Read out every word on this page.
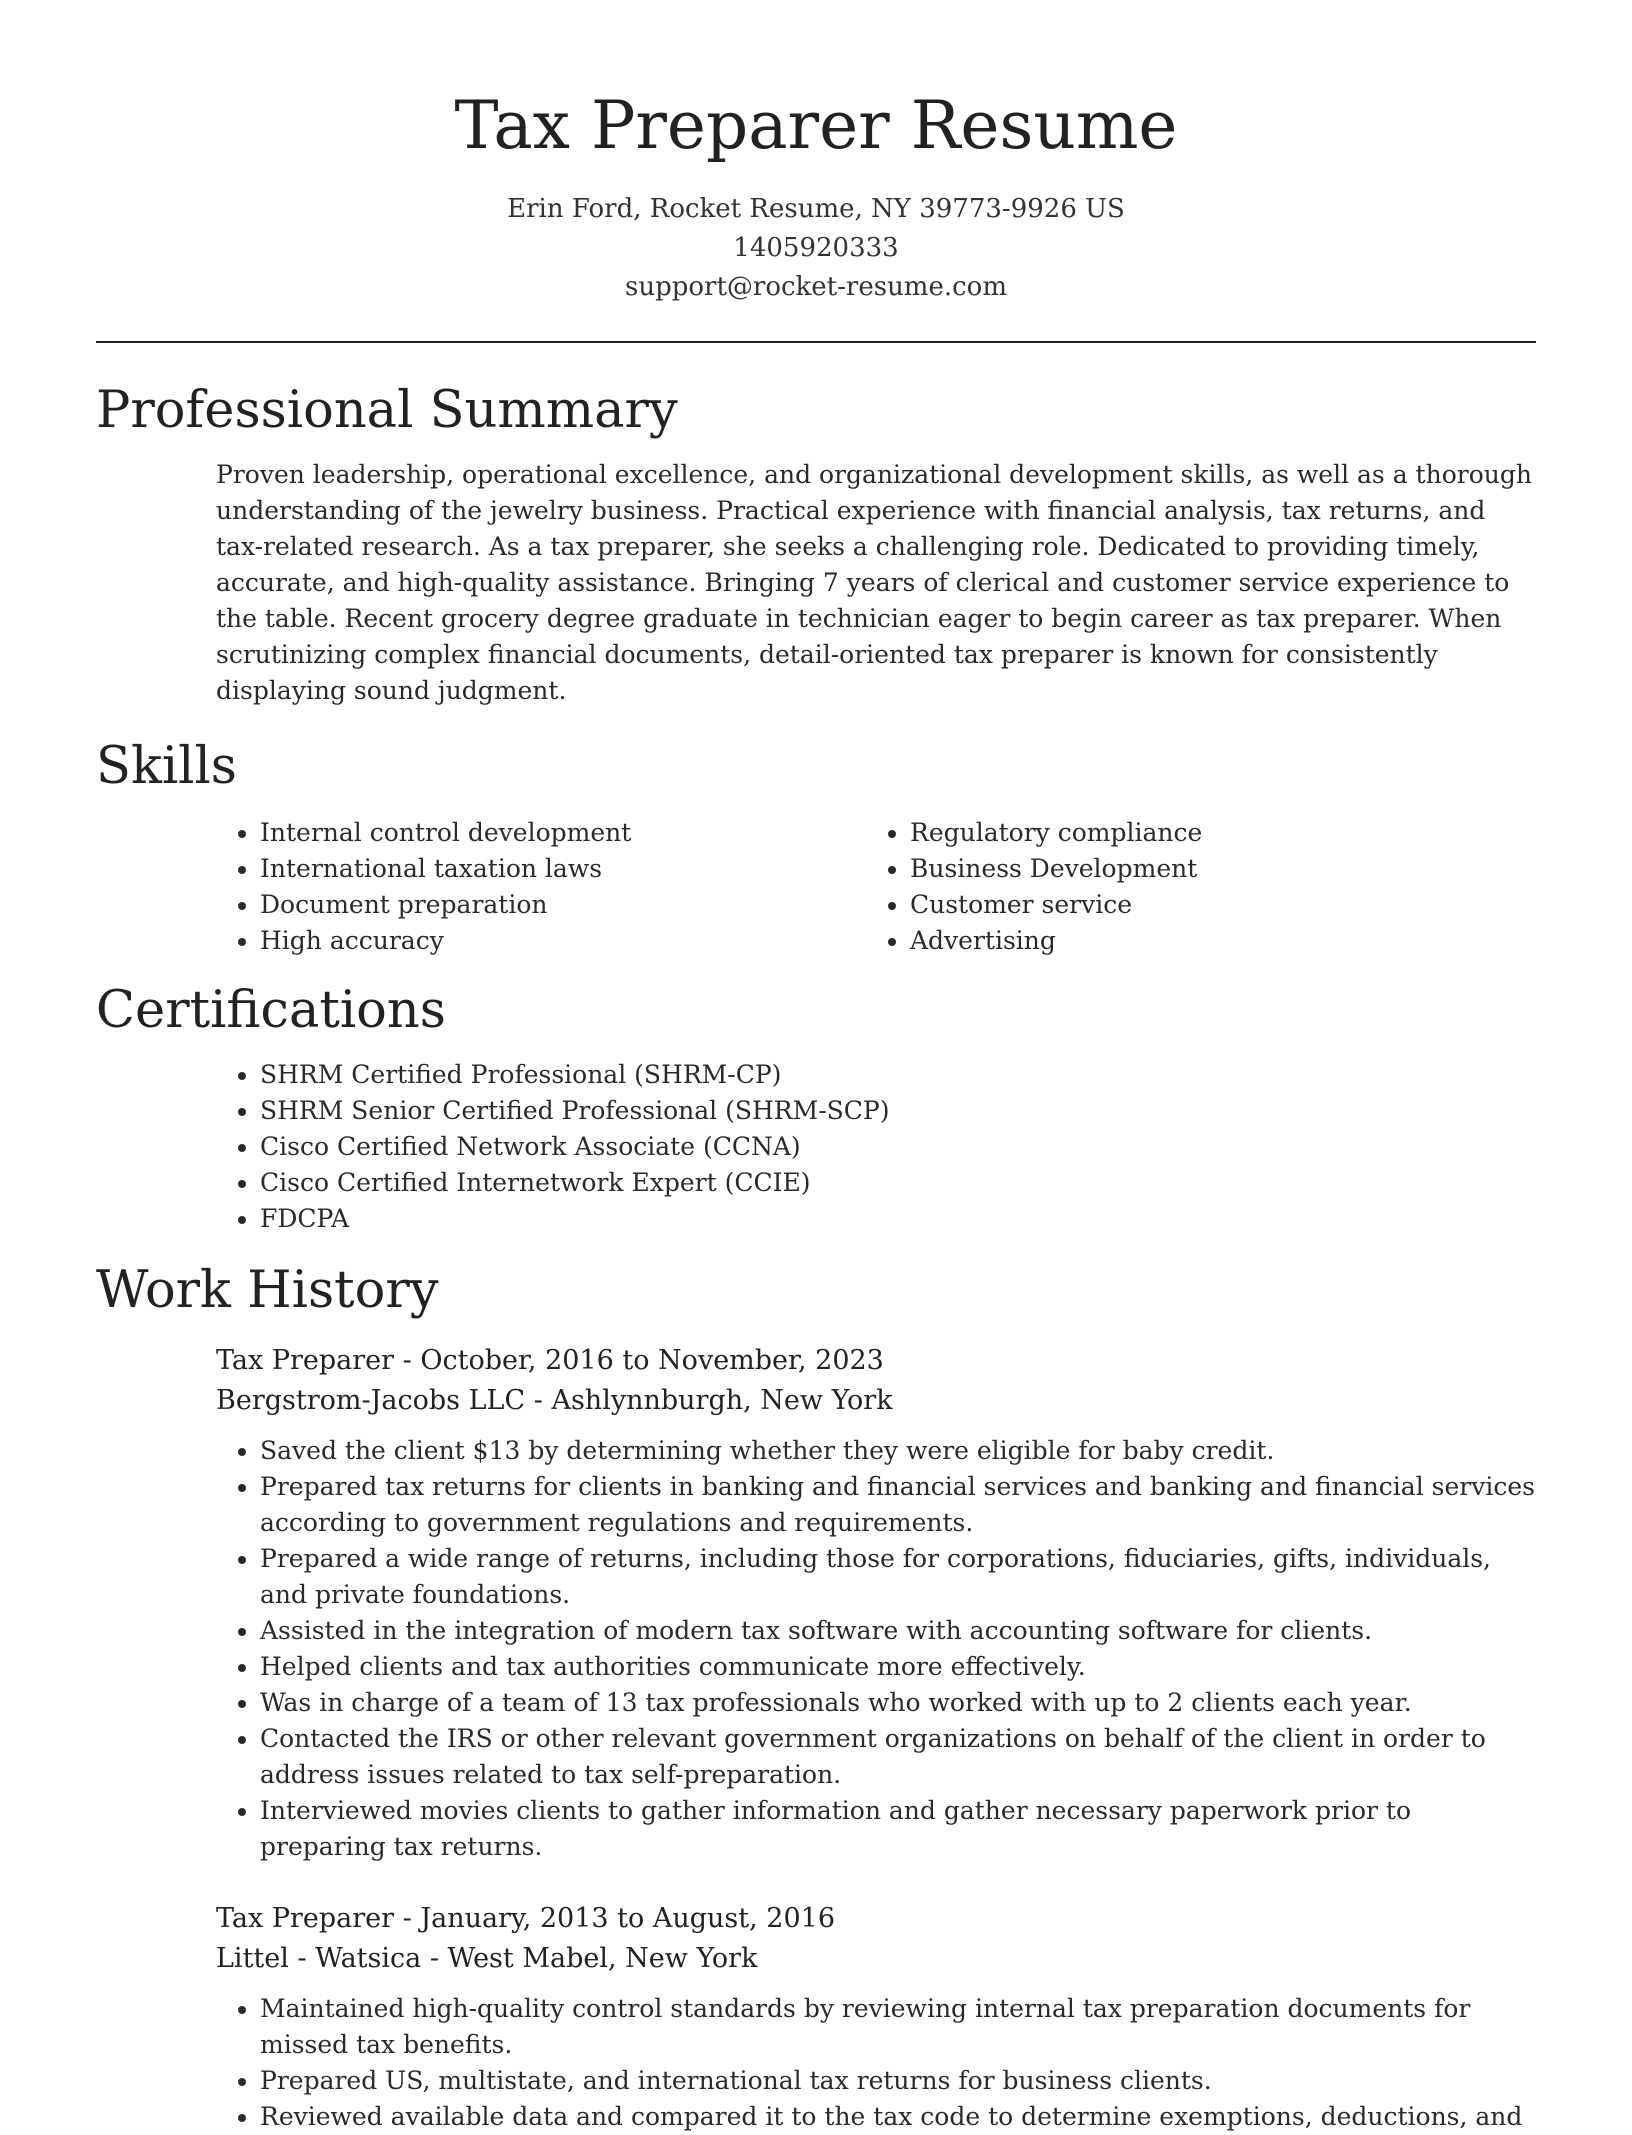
Tax Preparer Resume
Erin Ford, Rocket Resume, NY 39773-9926 US
1405920333
support@rocket-resume.com
Professional Summary

Proven leadership, operational excellence, and organizational development skills, as well as a thorough understanding of the jewelry business. Practical experience with financial analysis, tax returns, and tax-related research. As a tax preparer, she seeks a challenging role. Dedicated to providing timely, accurate, and high-quality assistance. Bringing 7 years of clerical and customer service experience to the table. Recent grocery degree graduate in technician eager to begin career as tax preparer. When scrutinizing complex financial documents, detail-oriented tax preparer is known for consistently displaying sound judgment.

Skills
• Internal control development
• International taxation laws
• Document preparation
• High accuracy
• Regulatory compliance
• Business Development
• Customer service
• Advertising
Certifications
• SHRM Certified Professional (SHRM-CP)
• SHRM Senior Certified Professional (SHRM-SCP)
• Cisco Certified Network Associate (CCNA)
• Cisco Certified Internetwork Expert (CCIE)
• FDCPA
Work History
Tax Preparer - October, 2016 to November, 2023
Bergstrom-Jacobs LLC - Ashlynnburgh, New York
• Saved the client $13 by determining whether they were eligible for baby credit.
• Prepared tax returns for clients in banking and financial services and banking and financial services according to government regulations and requirements.
• Prepared a wide range of returns, including those for corporations, fiduciaries, gifts, individuals, and private foundations.
• Assisted in the integration of modern tax software with accounting software for clients.
• Helped clients and tax authorities communicate more effectively.
• Was in charge of a team of 13 tax professionals who worked with up to 2 clients each year.
• Contacted the IRS or other relevant government organizations on behalf of the client in order to address issues related to tax self-preparation.
• Interviewed movies clients to gather information and gather necessary paperwork prior to preparing tax returns.
Tax Preparer - January, 2013 to August, 2016
Littel - Watsica - West Mabel, New York
• Maintained high-quality control standards by reviewing internal tax preparation documents for missed tax benefits.
• Prepared US, multistate, and international tax returns for business clients.
• Reviewed available data and compared it to the tax code to determine exemptions, deductions, and
